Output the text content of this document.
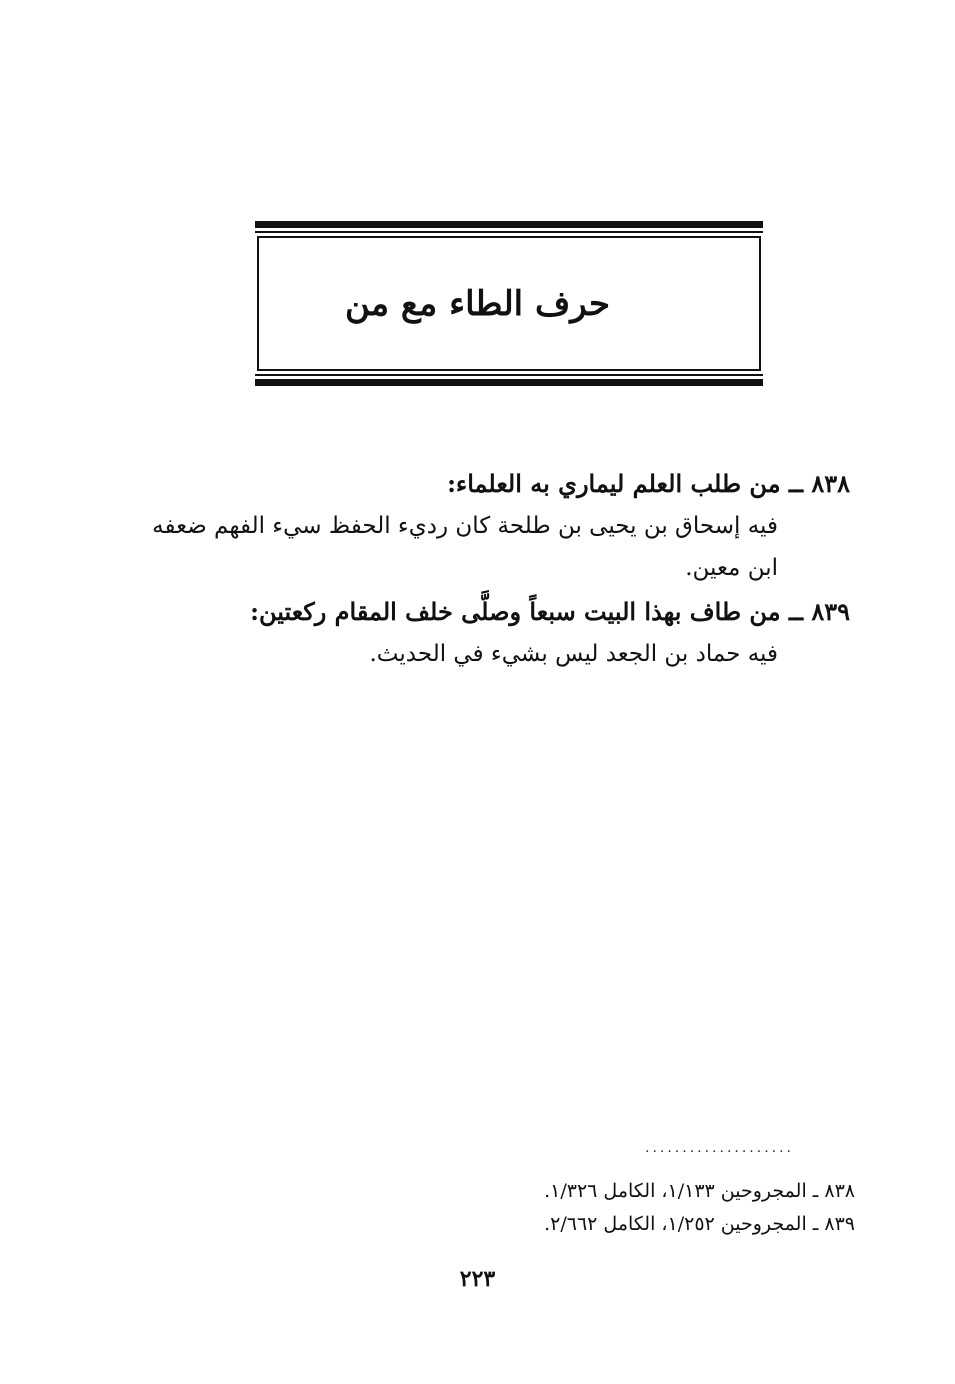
حرف الطاء مع من
٨٣٨ ــ من طلب العلم ليماري به العلماء:
فيه إسحاق بن يحيى بن طلحة كان رديء الحفظ سيء الفهم ضعفه
ابن معين.
٨٣٩ ــ من طاف بهذا البيت سبعاً وصلَّى خلف المقام ركعتين:
فيه حماد بن الجعد ليس بشيء في الحديث.
....................
٨٣٨ ـ المجروحين ١/١٣٣، الكامل ١/٣٢٦.
٨٣٩ ـ المجروحين ١/٢٥٢، الكامل ٢/٦٦٢.
٢٢٣
